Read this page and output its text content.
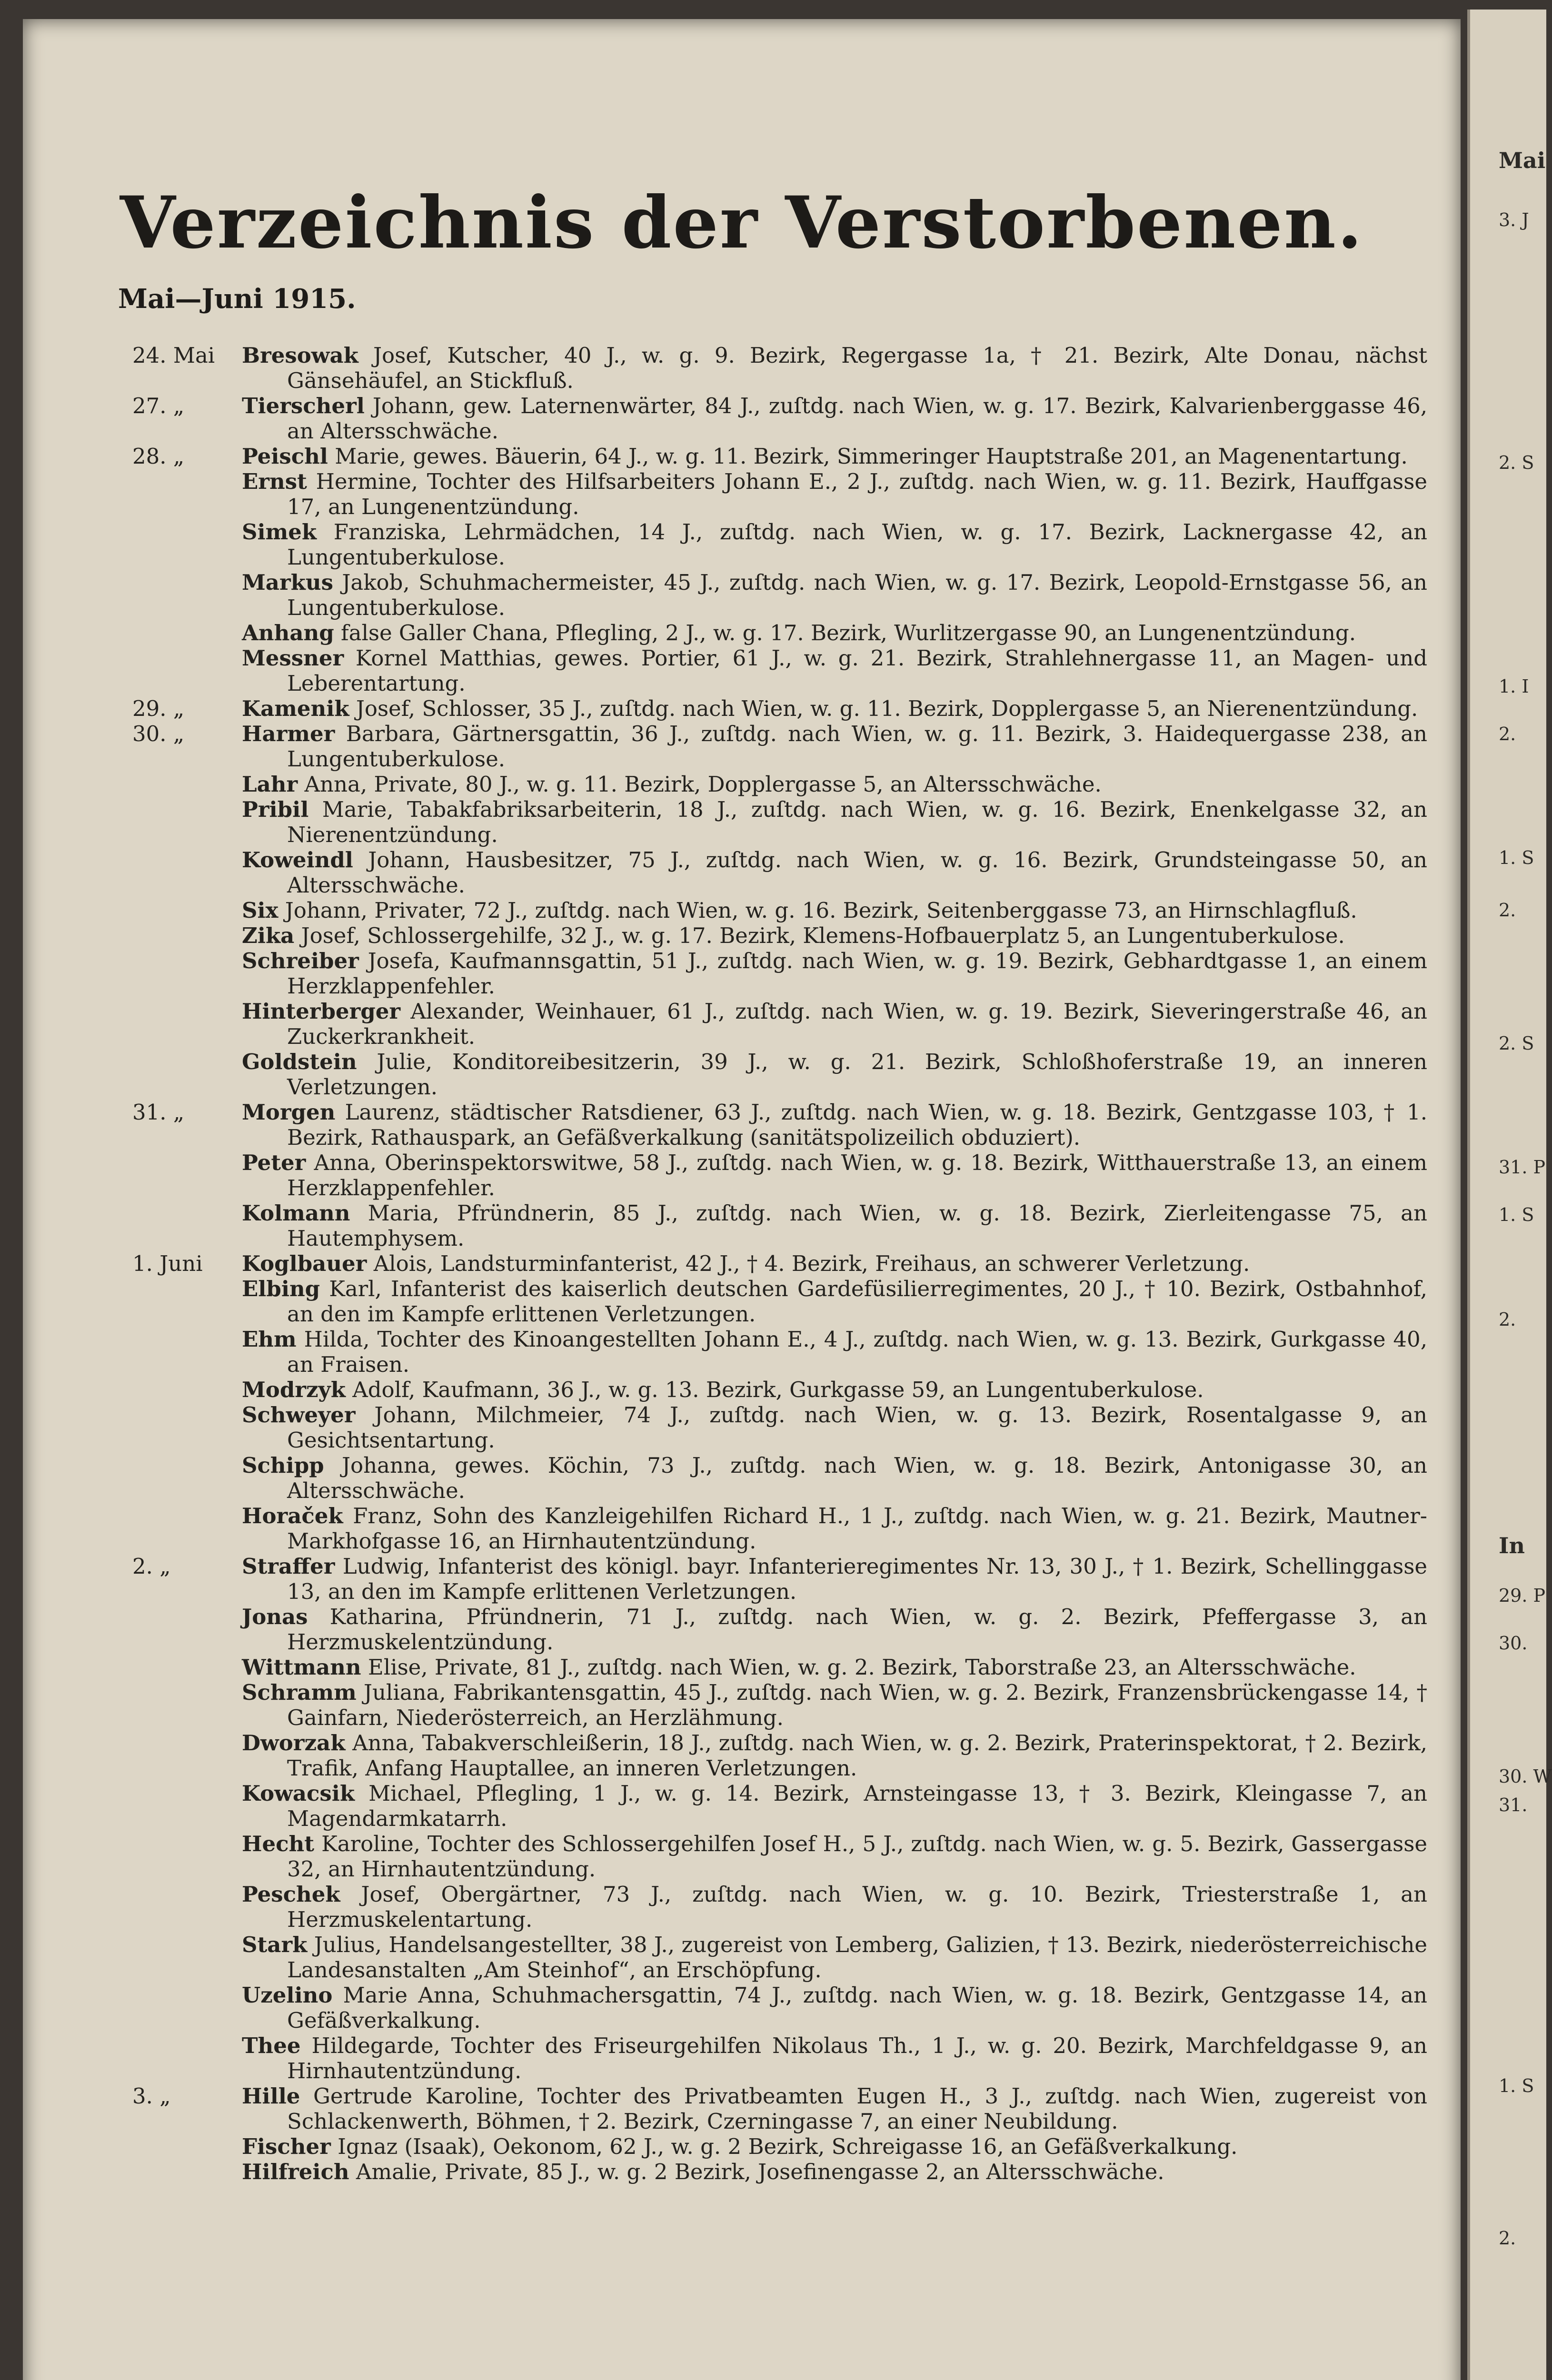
Verzeichnis der Verstorbenen.
Mai—Juni 1915.
24. Mai	Bresowak Josef, Kutscher, 40 J., w. g. 9. Bezirk, Regergasse 1a, † 21. Bezirk, Alte Donau, nächst Gänsehäufel, an Stickfluß.
27. „	Tierscherl Johann, gew. Laternenwärter, 84 J., zuſtdg. nach Wien, w. g. 17. Bezirk, Kalvarienberggasse 46, an Altersschwäche.
28. „	Peischl Marie, gewes. Bäuerin, 64 J., w. g. 11. Bezirk, Simmeringer Hauptstraße 201, an Magenentartung.
Ernst Hermine, Tochter des Hilfsarbeiters Johann E., 2 J., zuſtdg. nach Wien, w. g. 11. Bezirk, Hauffgasse 17, an Lungenentzündung.
Simek Franziska, Lehrmädchen, 14 J., zuſtdg. nach Wien, w. g. 17. Bezirk, Lacknergasse 42, an Lungentuberkulose.
Markus Jakob, Schuhmachermeister, 45 J., zuſtdg. nach Wien, w. g. 17. Bezirk, Leopold-Ernstgasse 56, an Lungentuberkulose.
Anhang false Galler Chana, Pflegling, 2 J., w. g. 17. Bezirk, Wurlitzergasse 90, an Lungenentzündung.
Messner Kornel Matthias, gewes. Portier, 61 J., w. g. 21. Bezirk, Strahlehnergasse 11, an Magen- und Leberentartung.
29. „	Kamenik Josef, Schlosser, 35 J., zuſtdg. nach Wien, w. g. 11. Bezirk, Dopplergasse 5, an Nierenentzündung.
30. „	Harmer Barbara, Gärtnersgattin, 36 J., zuſtdg. nach Wien, w. g. 11. Bezirk, 3. Haidequergasse 238, an Lungentuberkulose.
Lahr Anna, Private, 80 J., w. g. 11. Bezirk, Dopplergasse 5, an Altersschwäche.
Pribil Marie, Tabakfabriksarbeiterin, 18 J., zuſtdg. nach Wien, w. g. 16. Bezirk, Enenkelgasse 32, an Nierenentzündung.
Koweindl Johann, Hausbesitzer, 75 J., zuſtdg. nach Wien, w. g. 16. Bezirk, Grundsteingasse 50, an Altersschwäche.
Six Johann, Privater, 72 J., zuſtdg. nach Wien, w. g. 16. Bezirk, Seitenberggasse 73, an Hirnschlagfluß.
Zika Josef, Schlossergehilfe, 32 J., w. g. 17. Bezirk, Klemens-Hofbauerplatz 5, an Lungentuberkulose.
Schreiber Josefa, Kaufmannsgattin, 51 J., zuſtdg. nach Wien, w. g. 19. Bezirk, Gebhardtgasse 1, an einem Herzklappenfehler.
Hinterberger Alexander, Weinhauer, 61 J., zuſtdg. nach Wien, w. g. 19. Bezirk, Sieveringerstraße 46, an Zuckerkrankheit.
Goldstein Julie, Konditoreibesitzerin, 39 J., w. g. 21. Bezirk, Schloßhoferstraße 19, an inneren Verletzungen.
31. „	Morgen Laurenz, städtischer Ratsdiener, 63 J., zuſtdg. nach Wien, w. g. 18. Bezirk, Gentzgasse 103, † 1. Bezirk, Rathauspark, an Gefäßverkalkung (sanitätspolizeilich obduziert).
Peter Anna, Oberinspektorswitwe, 58 J., zuſtdg. nach Wien, w. g. 18. Bezirk, Witthauerstraße 13, an einem Herzklappenfehler.
Kolmann Maria, Pfründnerin, 85 J., zuſtdg. nach Wien, w. g. 18. Bezirk, Zierleitengasse 75, an Hautemphysem.
1. Juni	Koglbauer Alois, Landsturminfanterist, 42 J., † 4. Bezirk, Freihaus, an schwerer Verletzung.
Elbing Karl, Infanterist des kaiserlich deutschen Gardefüsilierregimentes, 20 J., † 10. Bezirk, Ostbahnhof, an den im Kampfe erlittenen Verletzungen.
Ehm Hilda, Tochter des Kinoangestellten Johann E., 4 J., zuſtdg. nach Wien, w. g. 13. Bezirk, Gurkgasse 40, an Fraisen.
Modrzyk Adolf, Kaufmann, 36 J., w. g. 13. Bezirk, Gurkgasse 59, an Lungentuberkulose.
Schweyer Johann, Milchmeier, 74 J., zuſtdg. nach Wien, w. g. 13. Bezirk, Rosentalgasse 9, an Gesichtsentartung.
Schipp Johanna, gewes. Köchin, 73 J., zuſtdg. nach Wien, w. g. 18. Bezirk, Antonigasse 30, an Altersschwäche.
Horaček Franz, Sohn des Kanzleigehilfen Richard H., 1 J., zuſtdg. nach Wien, w. g. 21. Bezirk, Mautner-Markhofgasse 16, an Hirnhautentzündung.
2. „	Straffer Ludwig, Infanterist des königl. bayr. Infanterieregimentes Nr. 13, 30 J., † 1. Bezirk, Schellinggasse 13, an den im Kampfe erlittenen Verletzungen.
Jonas Katharina, Pfründnerin, 71 J., zuſtdg. nach Wien, w. g. 2. Bezirk, Pfeffergasse 3, an Herzmuskelentzündung.
Wittmann Elise, Private, 81 J., zuſtdg. nach Wien, w. g. 2. Bezirk, Taborstraße 23, an Altersschwäche.
Schramm Juliana, Fabrikantensgattin, 45 J., zuſtdg. nach Wien, w. g. 2. Bezirk, Franzensbrückengasse 14, † Gainfarn, Niederösterreich, an Herzlähmung.
Dworzak Anna, Tabakverschleißerin, 18 J., zuſtdg. nach Wien, w. g. 2. Bezirk, Praterinspektorat, † 2. Bezirk, Trafik, Anfang Hauptallee, an inneren Verletzungen.
Kowacsik Michael, Pflegling, 1 J., w. g. 14. Bezirk, Arnsteingasse 13, † 3. Bezirk, Kleingasse 7, an Magendarmkatarrh.
Hecht Karoline, Tochter des Schlossergehilfen Josef H., 5 J., zuſtdg. nach Wien, w. g. 5. Bezirk, Gassergasse 32, an Hirnhautentzündung.
Peschek Josef, Obergärtner, 73 J., zuſtdg. nach Wien, w. g. 10. Bezirk, Triesterstraße 1, an Herzmuskelentartung.
Stark Julius, Handelsangestellter, 38 J., zugereist von Lemberg, Galizien, † 13. Bezirk, niederösterreichische Landesanstalten „Am Steinhof“, an Erschöpfung.
Uzelino Marie Anna, Schuhmachersgattin, 74 J., zuſtdg. nach Wien, w. g. 18. Bezirk, Gentzgasse 14, an Gefäßverkalkung.
Thee Hildegarde, Tochter des Friseurgehilfen Nikolaus Th., 1 J., w. g. 20. Bezirk, Marchfeldgasse 9, an Hirnhautentzündung.
3. „	Hille Gertrude Karoline, Tochter des Privatbeamten Eugen H., 3 J., zuſtdg. nach Wien, zugereist von Schlackenwerth, Böhmen, † 2. Bezirk, Czerningasse 7, an einer Neubildung.
Fischer Ignaz (Isaak), Oekonom, 62 J., w. g. 2 Bezirk, Schreigasse 16, an Gefäßverkalkung.
Hilfreich Amalie, Private, 85 J., w. g. 2 Bezirk, Josefinengasse 2, an Altersschwäche.
Mai
3. J
2. S
1. I
2.
1. S
2.
2. S
31. P
1. S
2.
In
29. P
30.
30. W
31.
1. S
2.
